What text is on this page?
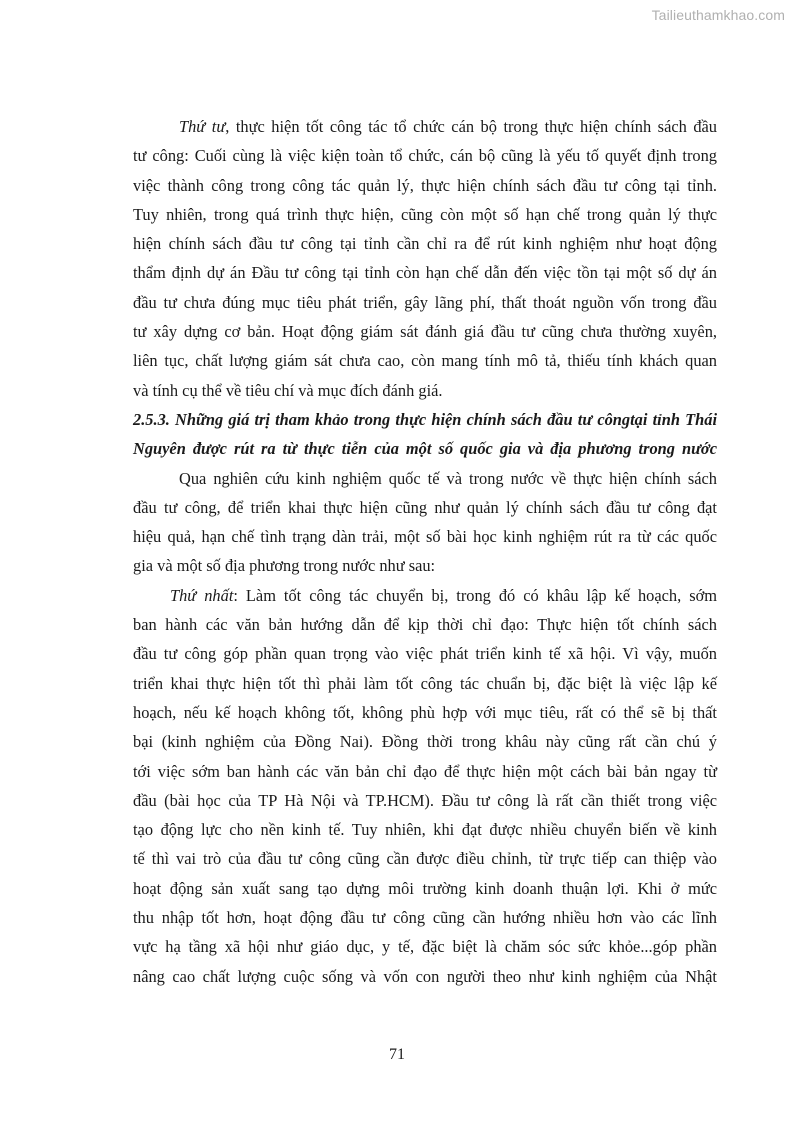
Tailieuthamkhao.com
Thứ tư, thực hiện tốt công tác tổ chức cán bộ trong thực hiện chính sách đầu
tư công: Cuối cùng là việc kiện toàn tổ chức, cán bộ cũng là yếu tố quyết định trong
việc thành công trong công tác quản lý, thực hiện chính sách đầu tư công tại tỉnh.
Tuy nhiên, trong quá trình thực hiện, cũng còn một số hạn chế trong quản lý thực
hiện chính sách đầu tư công tại tỉnh cần chỉ ra để rút kinh nghiệm như hoạt động
thẩm định dự án Đầu tư công tại tỉnh còn hạn chế dẫn đến việc tồn tại một số dự án
đầu tư chưa đúng mục tiêu phát triển, gây lãng phí, thất thoát nguồn vốn trong đầu
tư xây dựng cơ bản. Hoạt động giám sát đánh giá đầu tư cũng chưa thường xuyên,
liên tục, chất lượng giám sát chưa cao, còn mang tính mô tả, thiếu tính khách quan
và tính cụ thể về tiêu chí và mục đích đánh giá.
2.5.3. Những giá trị tham khảo trong thực hiện chính sách đầu tư côngtại tỉnh Thái
Nguyên được rút ra từ thực tiễn của một số quốc gia và địa phương trong nước
Qua nghiên cứu kinh nghiệm quốc tế và trong nước về thực hiện chính sách
đầu tư công, để triển khai thực hiện cũng như quản lý chính sách đầu tư công đạt
hiệu quả, hạn chế tình trạng dàn trải, một số bài học kinh nghiệm rút ra từ các quốc
gia và một số địa phương trong nước như sau:
Thứ nhất: Làm tốt công tác chuyển bị, trong đó có khâu lập kế hoạch, sớm
ban hành các văn bản hướng dẫn để kịp thời chỉ đạo: Thực hiện tốt chính sách
đầu tư công góp phần quan trọng vào việc phát triển kinh tế xã hội. Vì vậy, muốn
triển khai thực hiện tốt thì phải làm tốt công tác chuẩn bị, đặc biệt là việc lập kế
hoạch, nếu kế hoạch không tốt, không phù hợp với mục tiêu, rất có thể sẽ bị thất
bại (kinh nghiệm của Đồng Nai). Đồng thời trong khâu này cũng rất cần chú ý
tới việc sớm ban hành các văn bản chỉ đạo để thực hiện một cách bài bản ngay từ
đầu (bài học của TP Hà Nội và TP.HCM). Đầu tư công là rất cần thiết trong việc
tạo động lực cho nền kinh tế. Tuy nhiên, khi đạt được nhiều chuyển biến về kinh
tế thì vai trò của đầu tư công cũng cần được điều chỉnh, từ trực tiếp can thiệp vào
hoạt động sản xuất sang tạo dựng môi trường kinh doanh thuận lợi. Khi ở mức
thu nhập tốt hơn, hoạt động đầu tư công cũng cần hướng nhiều hơn vào các lĩnh
vực hạ tầng xã hội như giáo dục, y tế, đặc biệt là chăm sóc sức khỏe...góp phần
nâng cao chất lượng cuộc sống và vốn con người theo như kinh nghiệm của Nhật
71
